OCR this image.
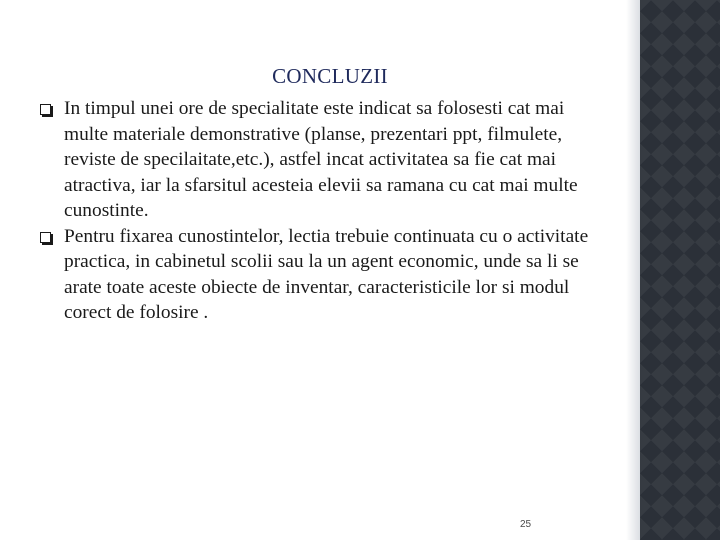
CONCLUZII
In timpul unei ore de specialitate este indicat sa folosesti cat mai multe materiale demonstrative (planse, prezentari ppt, filmulete, reviste de specilaitate,etc.), astfel incat activitatea sa fie cat mai atractiva, iar la sfarsitul acesteia elevii sa ramana cu cat mai multe cunostinte.
Pentru fixarea cunostintelor, lectia trebuie continuata cu o activitate practica, in cabinetul scolii sau la un agent economic, unde sa li se arate toate aceste obiecte de inventar, caracteristicile lor si modul corect de folosire .
25
